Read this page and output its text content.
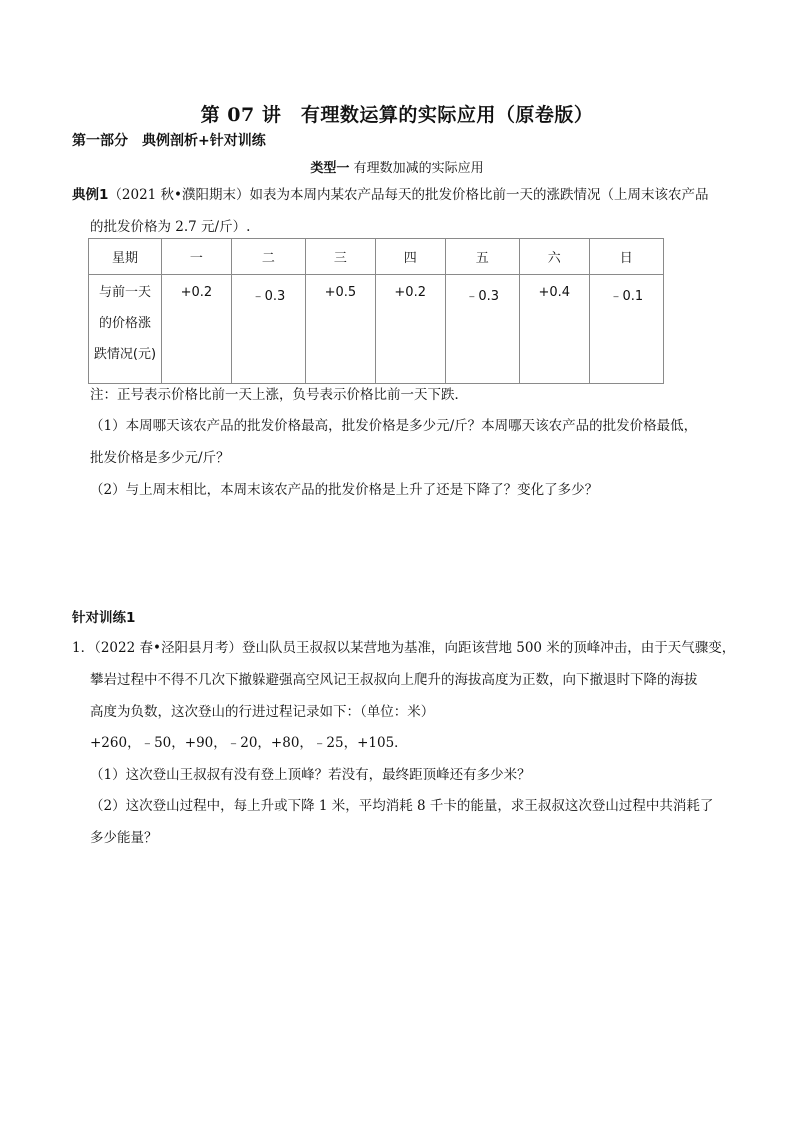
第 07 讲　有理数运算的实际应用（原卷版）
第一部分　典例剖析+针对训练
类型一 有理数加减的实际应用
典例1（2021 秋•濮阳期末）如表为本周内某农产品每天的批发价格比前一天的涨跌情况（上周末该农产品
的批发价格为 2.7 元/斤）.
星期	一	二	三	四	五	六	日

与前一天
的价格涨
跌情况(元)	+0.2	﹣0.3	+0.5	+0.2	﹣0.3	+0.4	﹣0.1
注：正号表示价格比前一天上涨，负号表示价格比前一天下跌．
（1）本周哪天该农产品的批发价格最高，批发价格是多少元/斤？本周哪天该农产品的批发价格最低，
批发价格是多少元/斤？
（2）与上周末相比，本周末该农产品的批发价格是上升了还是下降了？变化了多少？
针对训练1
1．（2022 春•泾阳县月考）登山队员王叔叔以某营地为基准，向距该营地 500 米的顶峰冲击，由于天气骤变，
攀岩过程中不得不几次下撤躲避强高空风记王叔叔向上爬升的海拔高度为正数，向下撤退时下降的海拔
高度为负数，这次登山的行进过程记录如下：（单位：米）
+260，﹣50，+90，﹣20，+80，﹣25，+105．
（1）这次登山王叔叔有没有登上顶峰？若没有，最终距顶峰还有多少米？
（2）这次登山过程中，每上升或下降 1 米，平均消耗 8 千卡的能量，求王叔叔这次登山过程中共消耗了
多少能量？
